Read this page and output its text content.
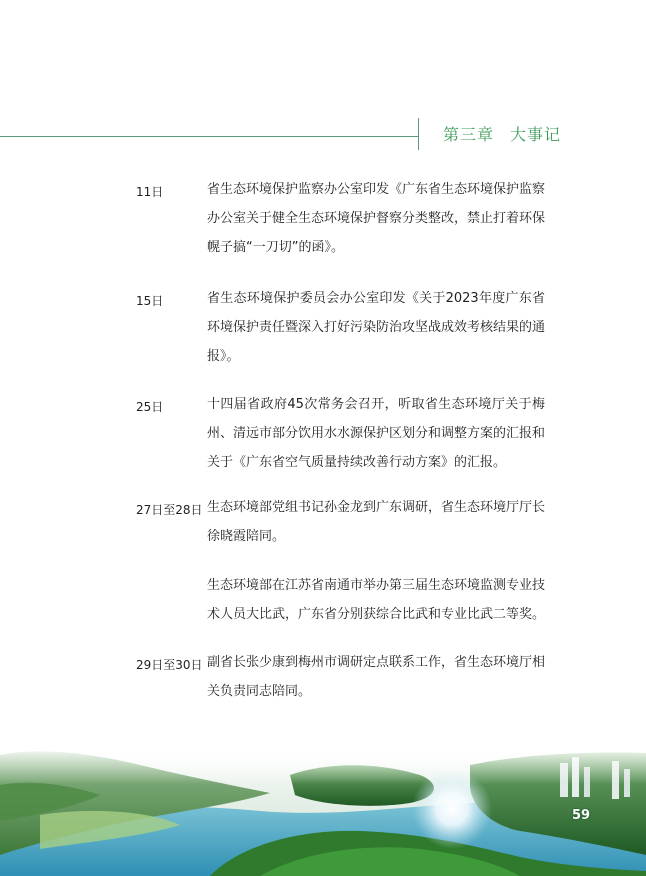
第三章 大事记
11日	省生态环境保护监察办公室印发《广东省生态环境保护监察办公室关于健全生态环境保护督察分类整改，禁止打着环保幌子搞“一刀切”的函》。
15日	省生态环境保护委员会办公室印发《关于2023年度广东省环境保护责任暨深入打好污染防治攻坚战成效考核结果的通报》。
25日	十四届省政府45次常务会召开，听取省生态环境厅关于梅州、清远市部分饮用水水源保护区划分和调整方案的汇报和关于《广东省空气质量持续改善行动方案》的汇报。
27日至28日 生态环境部党组书记孙金龙到广东调研，省生态环境厅厅长徐晓霞陪同。
生态环境部在江苏省南通市举办第三届生态环境监测专业技术人员大比武，广东省分别获综合比武和专业比武二等奖。
29日至30日 副省长张少康到梅州市调研定点联系工作，省生态环境厅相关负责同志陪同。
59
